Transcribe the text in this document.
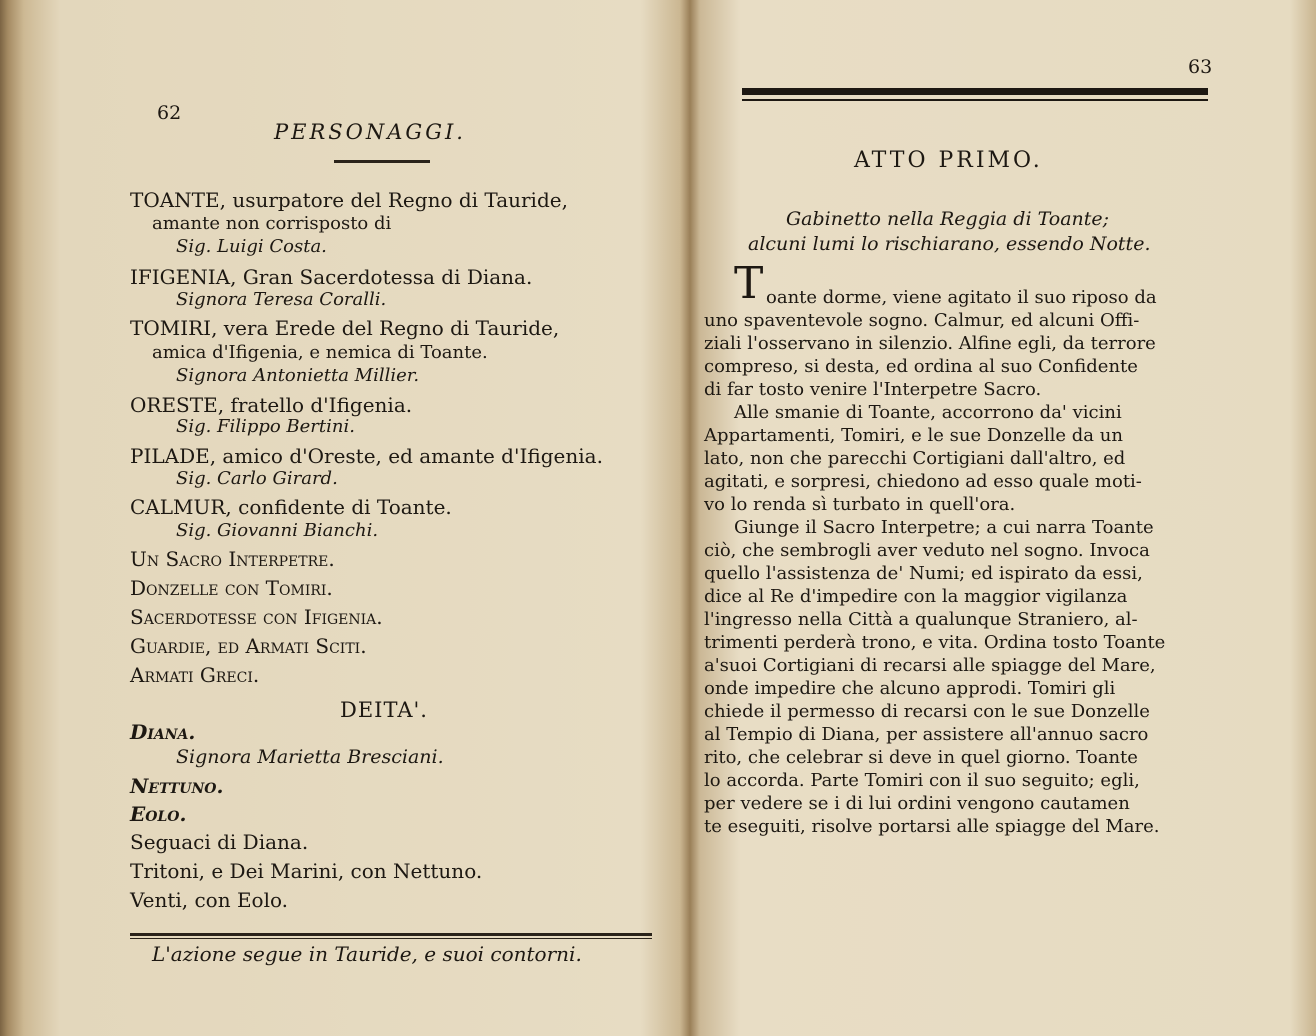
62
PERSONAGGI.
TOANTE, usurpatore del Regno di Tauride,
amante non corrisposto di
Sig. Luigi Costa.
IFIGENIA, Gran Sacerdotessa di Diana.
Signora Teresa Coralli.
TOMIRI, vera Erede del Regno di Tauride,
amica d'Ifigenia, e nemica di Toante.
Signora Antonietta Millier.
ORESTE, fratello d'Ifigenia.
Sig. Filippo Bertini.
PILADE, amico d'Oreste, ed amante d'Ifigenia.
Sig. Carlo Girard.
CALMUR, confidente di Toante.
Sig. Giovanni Bianchi.
Un Sacro Interpetre.
Donzelle con Tomiri.
Sacerdotesse con Ifigenia.
Guardie, ed Armati Sciti.
Armati Greci.
DEITA'.
Diana.
Signora Marietta Bresciani.
Nettuno.
Eolo.
Seguaci di Diana.
Tritoni, e Dei Marini, con Nettuno.
Venti, con Eolo.
L'azione segue in Tauride, e suoi contorni.
63
ATTO PRIMO.
Gabinetto nella Reggia di Toante;
alcuni lumi lo rischiarano, essendo Notte.
T oante dorme, viene agitato il suo riposo da
uno spaventevole sogno. Calmur, ed alcuni Offi-
ziali l'osservano in silenzio. Alfine egli, da terrore
compreso, si desta, ed ordina al suo Confidente
di far tosto venire l'Interpetre Sacro.
Alle smanie di Toante, accorrono da' vicini
Appartamenti, Tomiri, e le sue Donzelle da un
lato, non che parecchi Cortigiani dall'altro, ed
agitati, e sorpresi, chiedono ad esso quale moti-
vo lo renda sì turbato in quell'ora.
Giunge il Sacro Interpetre; a cui narra Toante
ciò, che sembrogli aver veduto nel sogno. Invoca
quello l'assistenza de' Numi; ed ispirato da essi,
dice al Re d'impedire con la maggior vigilanza
l'ingresso nella Città a qualunque Straniero, al-
trimenti perderà trono, e vita. Ordina tosto Toante
a'suoi Cortigiani di recarsi alle spiagge del Mare,
onde impedire che alcuno approdi. Tomiri gli
chiede il permesso di recarsi con le sue Donzelle
al Tempio di Diana, per assistere all'annuo sacro
rito, che celebrar si deve in quel giorno. Toante
lo accorda. Parte Tomiri con il suo seguito; egli,
per vedere se i di lui ordini vengono cautamen
te eseguiti, risolve portarsi alle spiagge del Mare.
